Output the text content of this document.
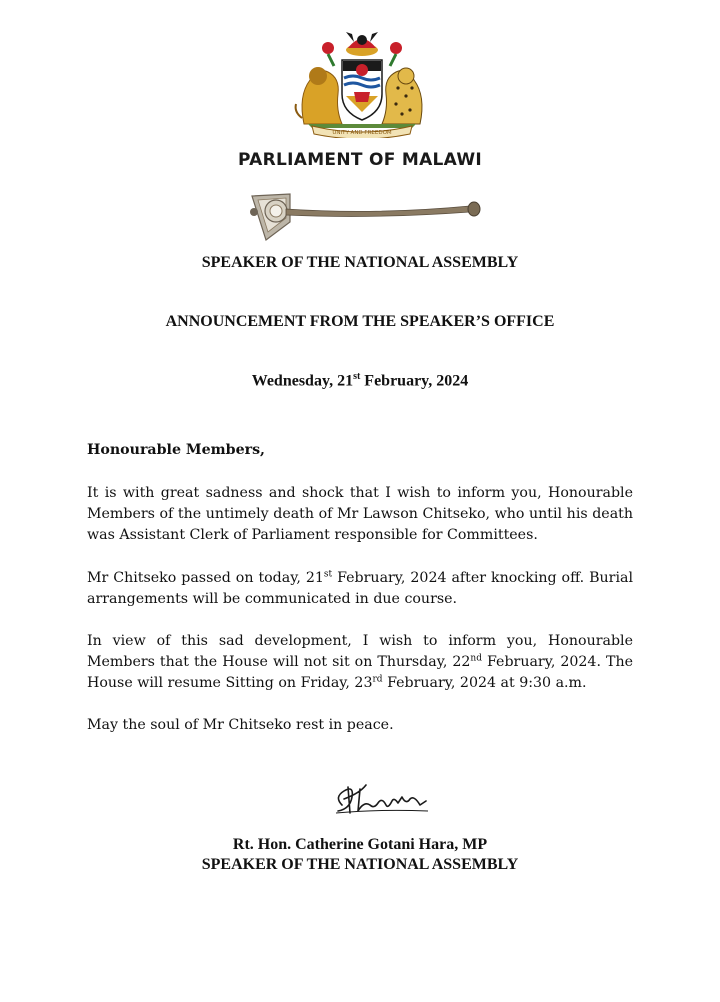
UNITY AND FREEDOM
PARLIAMENT OF MALAWI
SPEAKER OF THE NATIONAL ASSEMBLY
ANNOUNCEMENT FROM THE SPEAKER’S OFFICE
Wednesday, 21st February, 2024
Honourable Members,
It is with great sadness and shock that I wish to inform you, Honourable Members of the untimely death of Mr Lawson Chitseko, who until his death was Assistant Clerk of Parliament responsible for Committees.
Mr Chitseko passed on today, 21st February, 2024 after knocking off. Burial arrangements will be communicated in due course.
In view of this sad development, I wish to inform you, Honourable Members that the House will not sit on Thursday, 22nd February, 2024. The House will resume Sitting on Friday, 23rd February, 2024 at 9:30 a.m.
May the soul of Mr Chitseko rest in peace.
Rt. Hon. Catherine Gotani Hara, MP
SPEAKER OF THE NATIONAL ASSEMBLY
